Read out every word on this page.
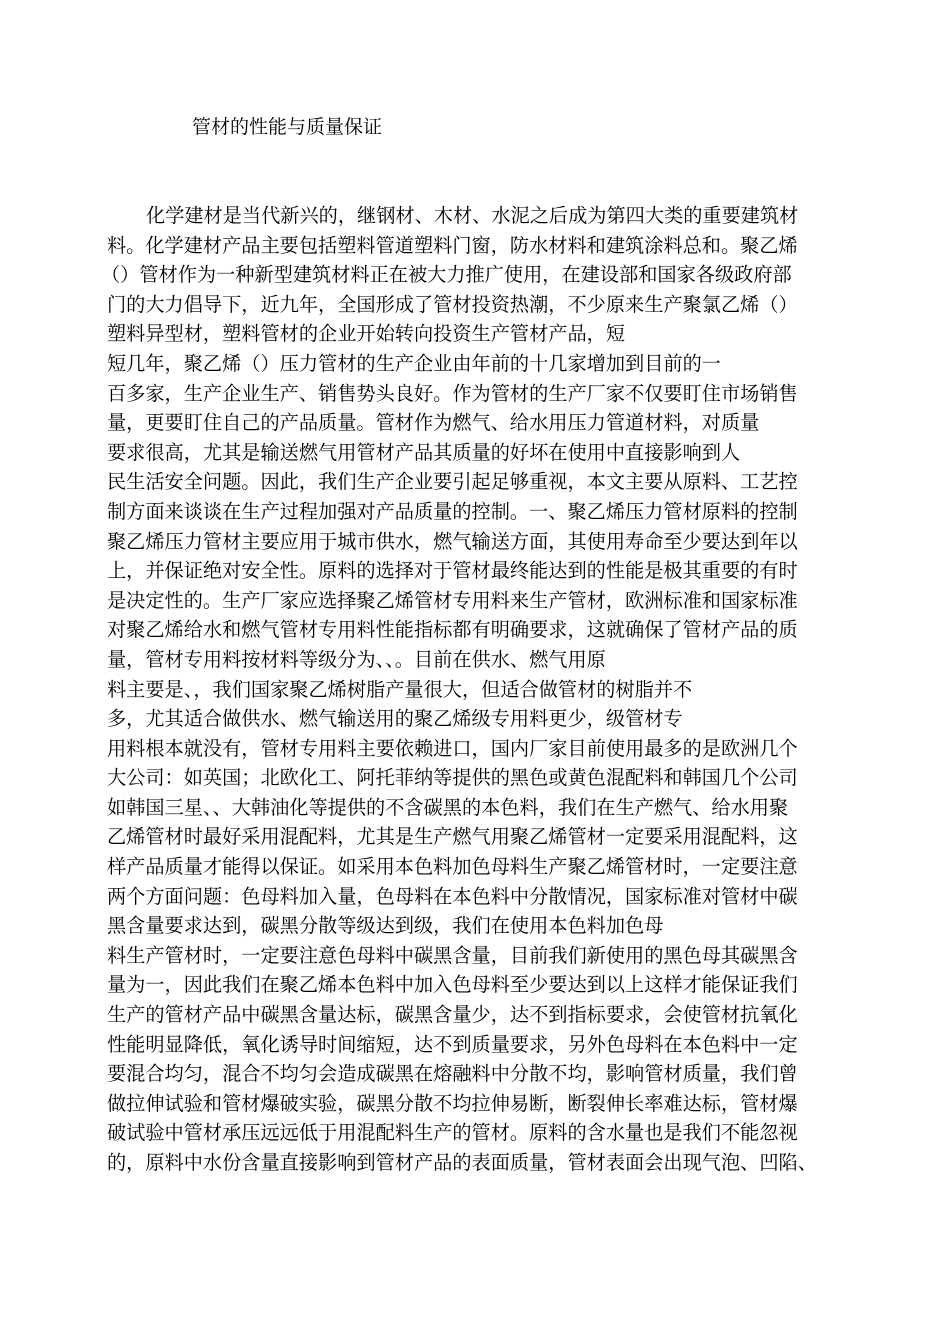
管材的性能与质量保证
化学建材是当代新兴的，继钢材、木材、水泥之后成为第四大类的重要建筑材
料。化学建材产品主要包括塑料管道塑料门窗，防水材料和建筑涂料总和。聚乙烯
（）管材作为一种新型建筑材料正在被大力推广使用，在建设部和国家各级政府部
门的大力倡导下，近九年，全国形成了管材投资热潮，不少原来生产聚氯乙烯（）
塑料异型材，塑料管材的企业开始转向投资生产管材产品，短
短几年，聚乙烯（）压力管材的生产企业由年前的十几家增加到目前的一
百多家，生产企业生产、销售势头良好。作为管材的生产厂家不仅要盯住市场销售
量，更要盯住自己的产品质量。管材作为燃气、给水用压力管道材料，对质量
要求很高，尤其是输送燃气用管材产品其质量的好坏在使用中直接影响到人
民生活安全问题。因此，我们生产企业要引起足够重视，本文主要从原料、工艺控
制方面来谈谈在生产过程加强对产品质量的控制。一、聚乙烯压力管材原料的控制
聚乙烯压力管材主要应用于城市供水，燃气输送方面，其使用寿命至少要达到年以
上，并保证绝对安全性。原料的选择对于管材最终能达到的性能是极其重要的有时
是决定性的。生产厂家应选择聚乙烯管材专用料来生产管材，欧洲标准和国家标准
对聚乙烯给水和燃气管材专用料性能指标都有明确要求，这就确保了管材产品的质
量，管材专用料按材料等级分为、、。目前在供水、燃气用原
料主要是、，我们国家聚乙烯树脂产量很大，但适合做管材的树脂并不
多，尤其适合做供水、燃气输送用的聚乙烯级专用料更少，级管材专
用料根本就没有，管材专用料主要依赖进口，国内厂家目前使用最多的是欧洲几个
大公司：如英国；北欧化工、阿托菲纳等提供的黑色或黄色混配料和韩国几个公司
如韩国三星、、大韩油化等提供的不含碳黑的本色料，我们在生产燃气、给水用聚
乙烯管材时最好采用混配料，尤其是生产燃气用聚乙烯管材一定要采用混配料，这
样产品质量才能得以保证。如采用本色料加色母料生产聚乙烯管材时，一定要注意
两个方面问题：色母料加入量，色母料在本色料中分散情况，国家标准对管材中碳
黑含量要求达到，碳黑分散等级达到级，我们在使用本色料加色母
料生产管材时，一定要注意色母料中碳黑含量，目前我们新使用的黑色母其碳黑含
量为一，因此我们在聚乙烯本色料中加入色母料至少要达到以上这样才能保证我们
生产的管材产品中碳黑含量达标，碳黑含量少，达不到指标要求，会使管材抗氧化
性能明显降低，氧化诱导时间缩短，达不到质量要求，另外色母料在本色料中一定
要混合均匀，混合不均匀会造成碳黑在熔融料中分散不均，影响管材质量，我们曾
做拉伸试验和管材爆破实验，碳黑分散不均拉伸易断，断裂伸长率难达标，管材爆
破试验中管材承压远远低于用混配料生产的管材。原料的含水量也是我们不能忽视
的，原料中水份含量直接影响到管材产品的表面质量，管材表面会出现气泡、凹陷、
